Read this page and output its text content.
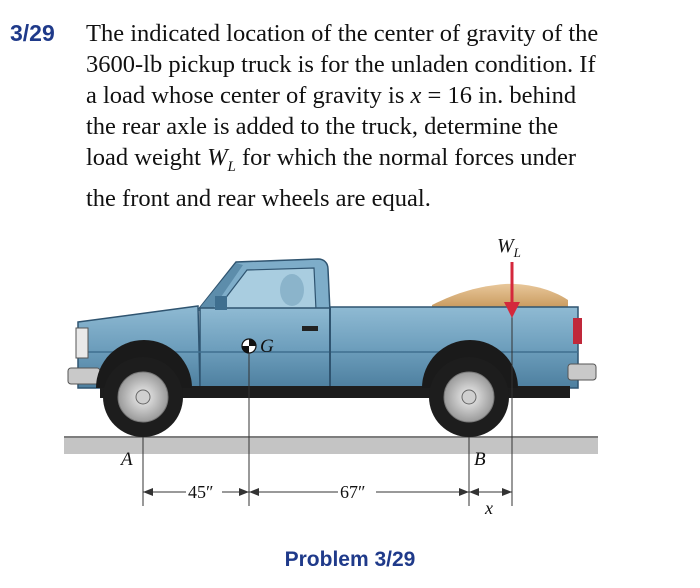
3/29 The indicated location of the center of gravity of the

3600-lb pickup truck is for the unladen condition. If

a load whose center of gravity is x = 16 in. behind

the rear axle is added to the truck, determine the

load weight $W_L$ for which the normal forces under

the front and rear wheels are equal.

G
$W_L$
A	B
45″	67″
x
Problem 3/29
